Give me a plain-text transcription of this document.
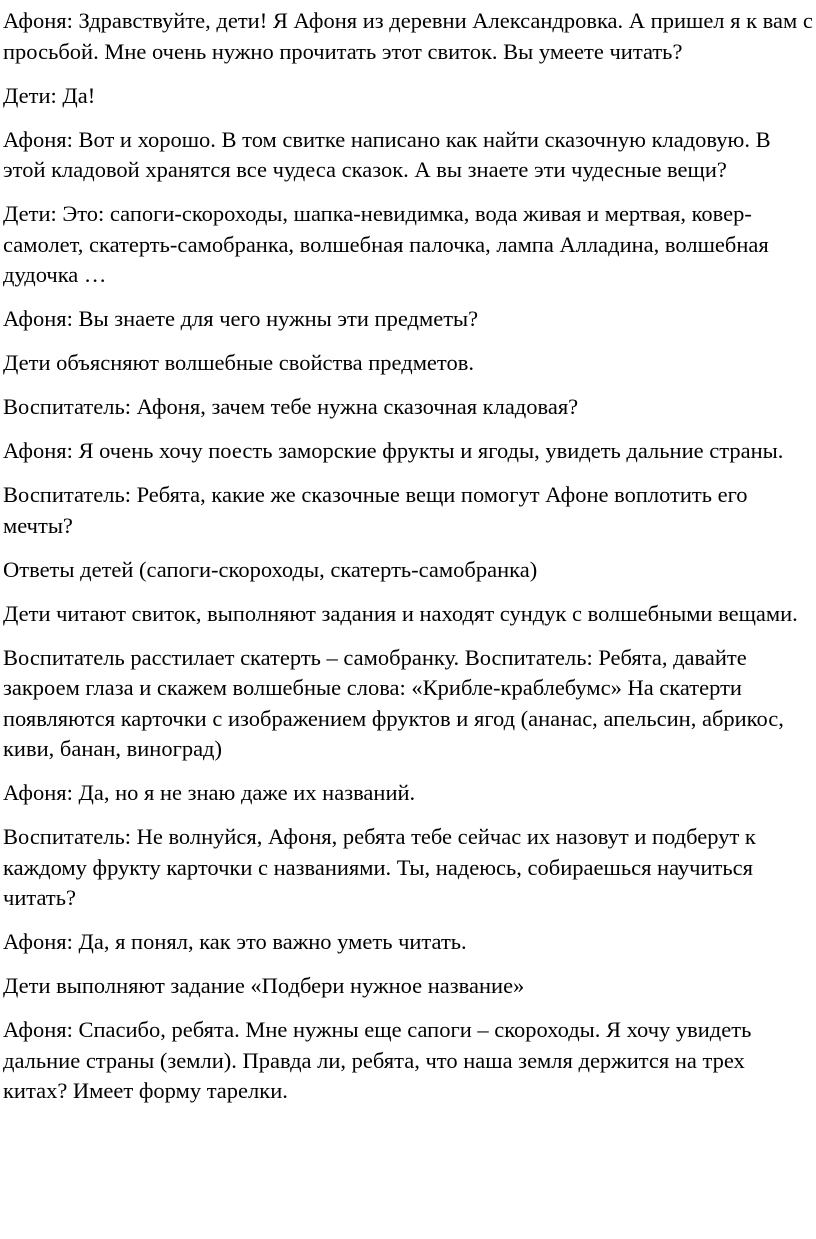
Афоня: Здравствуйте, дети! Я Афоня из деревни Александровка. А пришел я к вам с просьбой. Мне очень нужно прочитать этот свиток. Вы умеете читать?

Дети: Да!

Афоня: Вот и хорошо. В том свитке написано как найти сказочную кладовую. В этой кладовой хранятся все чудеса сказок. А вы знаете эти чудесные вещи?

Дети: Это: сапоги-скороходы, шапка-невидимка, вода живая и мертвая, ковер-самолет, скатерть-самобранка, волшебная палочка, лампа Алладина, волшебная дудочка …

Афоня: Вы знаете для чего нужны эти предметы?

Дети объясняют волшебные свойства предметов.

Воспитатель: Афоня, зачем тебе нужна сказочная кладовая?

Афоня: Я очень хочу поесть заморские фрукты и ягоды, увидеть дальние страны.

Воспитатель: Ребята, какие же сказочные вещи помогут Афоне воплотить его мечты?

Ответы детей (сапоги-скороходы, скатерть-самобранка)

Дети читают свиток, выполняют задания и находят сундук с волшебными вещами.

Воспитатель расстилает скатерть – самобранку. Воспитатель: Ребята, давайте закроем глаза и скажем волшебные слова: «Крибле-краблебумс» На скатерти появляются карточки с изображением фруктов и ягод (ананас, апельсин, абрикос, киви, банан, виноград)

Афоня: Да, но я не знаю даже их названий.

Воспитатель: Не волнуйся, Афоня, ребята тебе сейчас их назовут и подберут к каждому фрукту карточки с названиями. Ты, надеюсь, собираешься научиться читать?

Афоня: Да, я понял, как это важно уметь читать.

Дети выполняют задание «Подбери нужное название»

Афоня: Спасибо, ребята. Мне нужны еще сапоги – скороходы. Я хочу увидеть дальние страны (земли). Правда ли, ребята, что наша земля держится на трех китах? Имеет форму тарелки.
